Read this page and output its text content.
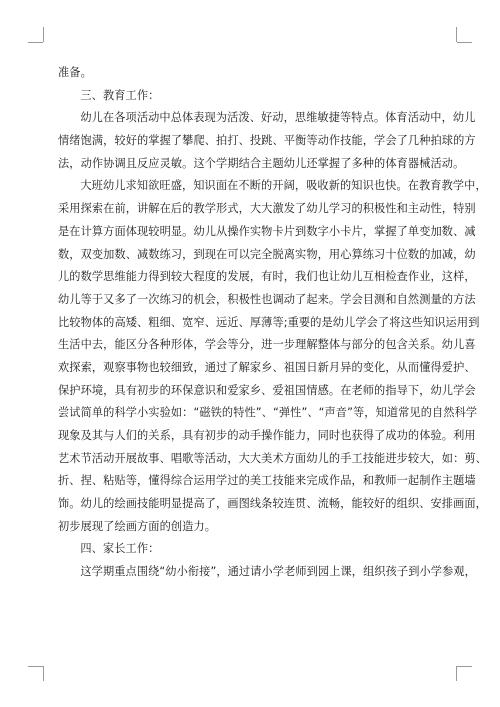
准备。
三、教育工作：
幼儿在各项活动中总体表现为活泼、好动，思维敏捷等特点。体育活动中，幼儿
情绪饱满，较好的掌握了攀爬、拍打、投跳、平衡等动作技能，学会了几种拍球的方
法，动作协调且反应灵敏。这个学期结合主题幼儿还掌握了多种的体育器械活动。
大班幼儿求知欲旺盛，知识面在不断的开阔，吸收新的知识也快。在教育教学中，
采用探索在前，讲解在后的教学形式，大大激发了幼儿学习的积极性和主动性，特别
是在计算方面体现较明显。幼儿从操作实物卡片到数字小卡片，掌握了单变加数、减
数，双变加数、减数练习，到现在可以完全脱离实物，用心算练习十位数的加减，幼
儿的数学思维能力得到较大程度的发展，有时，我们也让幼儿互相检查作业，这样，
幼儿等于又多了一次练习的机会，积极性也调动了起来。学会目测和自然测量的方法
比较物体的高矮、粗细、宽窄、远近、厚薄等;重要的是幼儿学会了将这些知识运用到
生活中去，能区分各种形体，学会等分，进一步理解整体与部分的包含关系。幼儿喜
欢探索，观察事物也较细致，通过了解家乡、祖国日新月异的变化，从而懂得爱护、
保护环境，具有初步的环保意识和爱家乡、爱祖国情感。在老师的指导下，幼儿学会
尝试简单的科学小实验如：“磁铁的特性”、“弹性”、“声音”等，知道常见的自然科学
现象及其与人们的关系，具有初步的动手操作能力，同时也获得了成功的体验。利用
艺术节活动开展故事、唱歌等活动，大大美术方面幼儿的手工技能进步较大，如：剪、
折、捏、粘贴等，懂得综合运用学过的美工技能来完成作品，和教师一起制作主题墙
饰。幼儿的绘画技能明显提高了，画图线条较连贯、流畅，能较好的组织、安排画面，
初步展现了绘画方面的创造力。
四、家长工作：
这学期重点围绕“幼小衔接”，通过请小学老师到园上课，组织孩子到小学参观，
